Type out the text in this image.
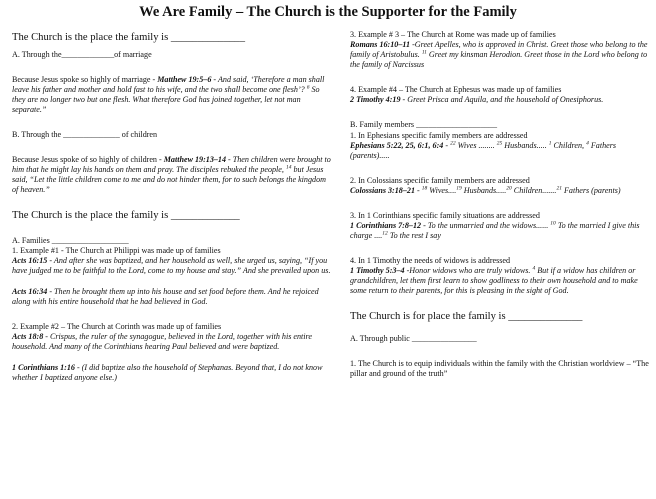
We Are Family – The Church is the Supporter for the Family

The Church is the place the family is ______________

A. Through the_____________of marriage

Because Jesus spoke so highly of marriage - Matthew 19:5–6 - And said, ‘Therefore a man shall leave his father and mother and hold fast to his wife, and the two shall become one flesh’? $^6$ So they are no longer two but one flesh. What therefore God has joined together, let not man separate.”

B. Through the ______________ of children

Because Jesus spoke of so highly of children - Matthew 19:13–14 - Then children were brought to him that he might lay his hands on them and pray. The disciples rebuked the people, $^{14}$ but Jesus said, “Let the little children come to me and do not hinder them, for to such belongs the kingdom of heaven.”

The Church is the place the family is _____________

A. Families ___________________

1. Example #1 - The Church at Philippi was made up of families

Acts 16:15 - And after she was baptized, and her household as well, she urged us, saying, “If you have judged me to be faithful to the Lord, come to my house and stay.” And she prevailed upon us.

Acts 16:34 - Then he brought them up into his house and set food before them. And he rejoiced along with his entire household that he had believed in God.

2. Example #2 – The Church at Corinth was made up of families

Acts 18:8 - Crispus, the ruler of the synagogue, believed in the Lord, together with his entire household. And many of the Corinthians hearing Paul believed and were baptized.

1 Corinthians 1:16 - (I did baptize also the household of Stephanas. Beyond that, I do not know whether I baptized anyone else.)

3. Example # 3 – The Church at Rome was made up of families

Romans 16:10–11 -Greet Apelles, who is approved in Christ. Greet those who belong to the family of Aristobulus. $^{11}$ Greet my kinsman Herodion. Greet those in the Lord who belong to the family of Narcissus

4. Example #4 – The Church at Ephesus was made up of families

2 Timothy 4:19 - Greet Prisca and Aquila, and the household of Onesiphorus.

B. Family members ____________________

1. In Ephesians specific family members are addressed

Ephesians 5:22, 25, 6:1, 6:4 - $^{22}$ Wives ........ $^{25}$ Husbands..... $^1$ Children, $^4$ Fathers (parents).....

2. In Colossians specific family members are addressed

Colossians 3:18–21 - $^{18}$ Wives....$^{19}$ Husbands.....$^{20}$ Children.......$^{21}$ Fathers (parents)

3. In 1 Corinthians specific family situations are addressed

1 Corinthians 7:8–12 - To the unmarried and the widows...... $^{10}$ To the married I give this charge ....$^{12}$ To the rest I say

4. In 1 Timothy the needs of widows is addressed

1 Timothy 5:3–4 -Honor widows who are truly widows. $^4$ But if a widow has children or grandchildren, let them first learn to show godliness to their own household and to make some return to their parents, for this is pleasing in the sight of God.

The Church is for place the family is ______________

A. Through public ________________

1. The Church is to equip individuals within the family with the Christian worldview – “The pillar and ground of the truth”
